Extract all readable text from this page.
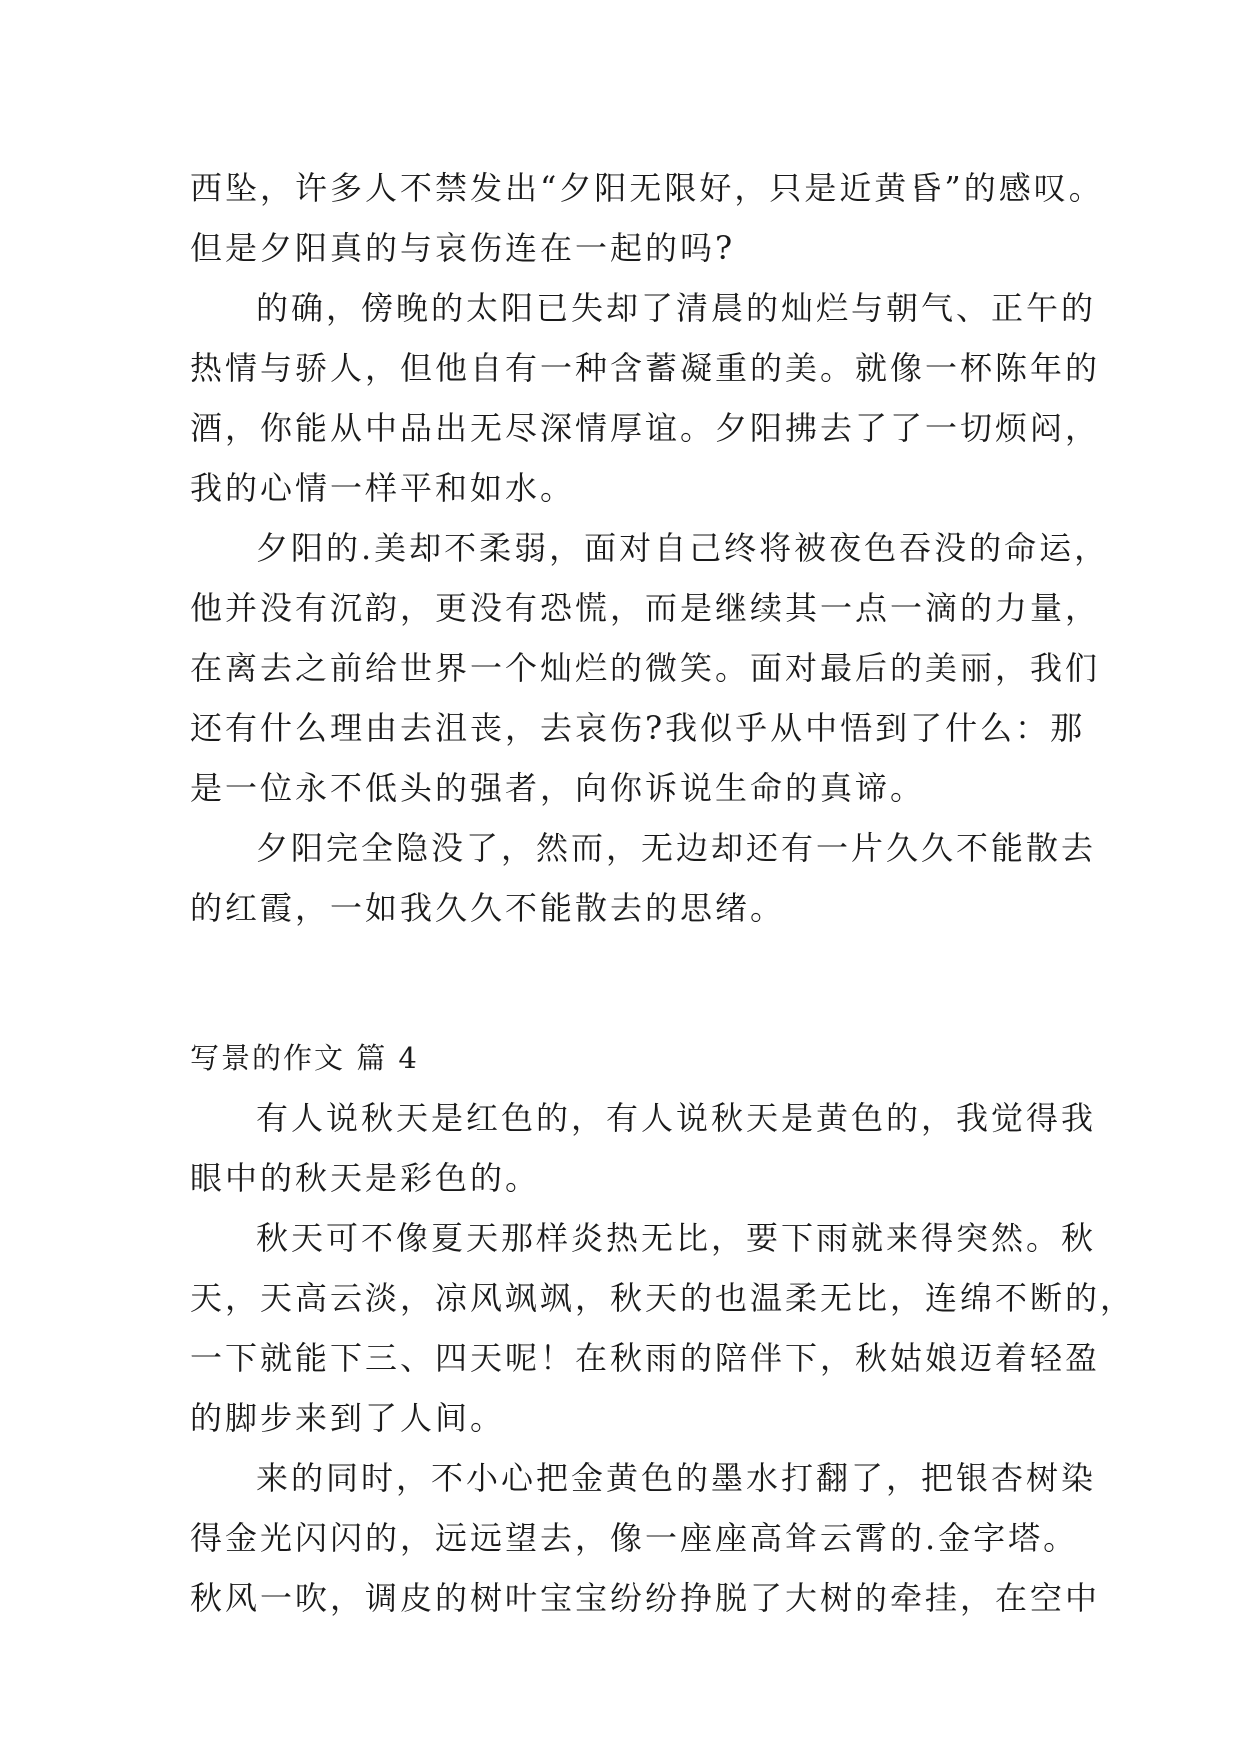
西坠，许多人不禁发出“夕阳无限好，只是近黄昏”的感叹。
但是夕阳真的与哀伤连在一起的吗?
的确，傍晚的太阳已失却了清晨的灿烂与朝气、正午的
热情与骄人，但他自有一种含蓄凝重的美。就像一杯陈年的
酒，你能从中品出无尽深情厚谊。夕阳拂去了了一切烦闷，
我的心情一样平和如水。
夕阳的.美却不柔弱，面对自己终将被夜色吞没的命运，
他并没有沉韵，更没有恐慌，而是继续其一点一滴的力量，
在离去之前给世界一个灿烂的微笑。面对最后的美丽，我们
还有什么理由去沮丧，去哀伤?我似乎从中悟到了什么：那
是一位永不低头的强者，向你诉说生命的真谛。
夕阳完全隐没了，然而，无边却还有一片久久不能散去
的红霞，一如我久久不能散去的思绪。
写景的作文 篇 4
有人说秋天是红色的，有人说秋天是黄色的，我觉得我
眼中的秋天是彩色的。
秋天可不像夏天那样炎热无比，要下雨就来得突然。秋
天，天高云淡，凉风飒飒，秋天的也温柔无比，连绵不断的，
一下就能下三、四天呢！在秋雨的陪伴下，秋姑娘迈着轻盈
的脚步来到了人间。
来的同时，不小心把金黄色的墨水打翻了，把银杏树染
得金光闪闪的，远远望去，像一座座高耸云霄的.金字塔。
秋风一吹，调皮的树叶宝宝纷纷挣脱了大树的牵挂，在空中
